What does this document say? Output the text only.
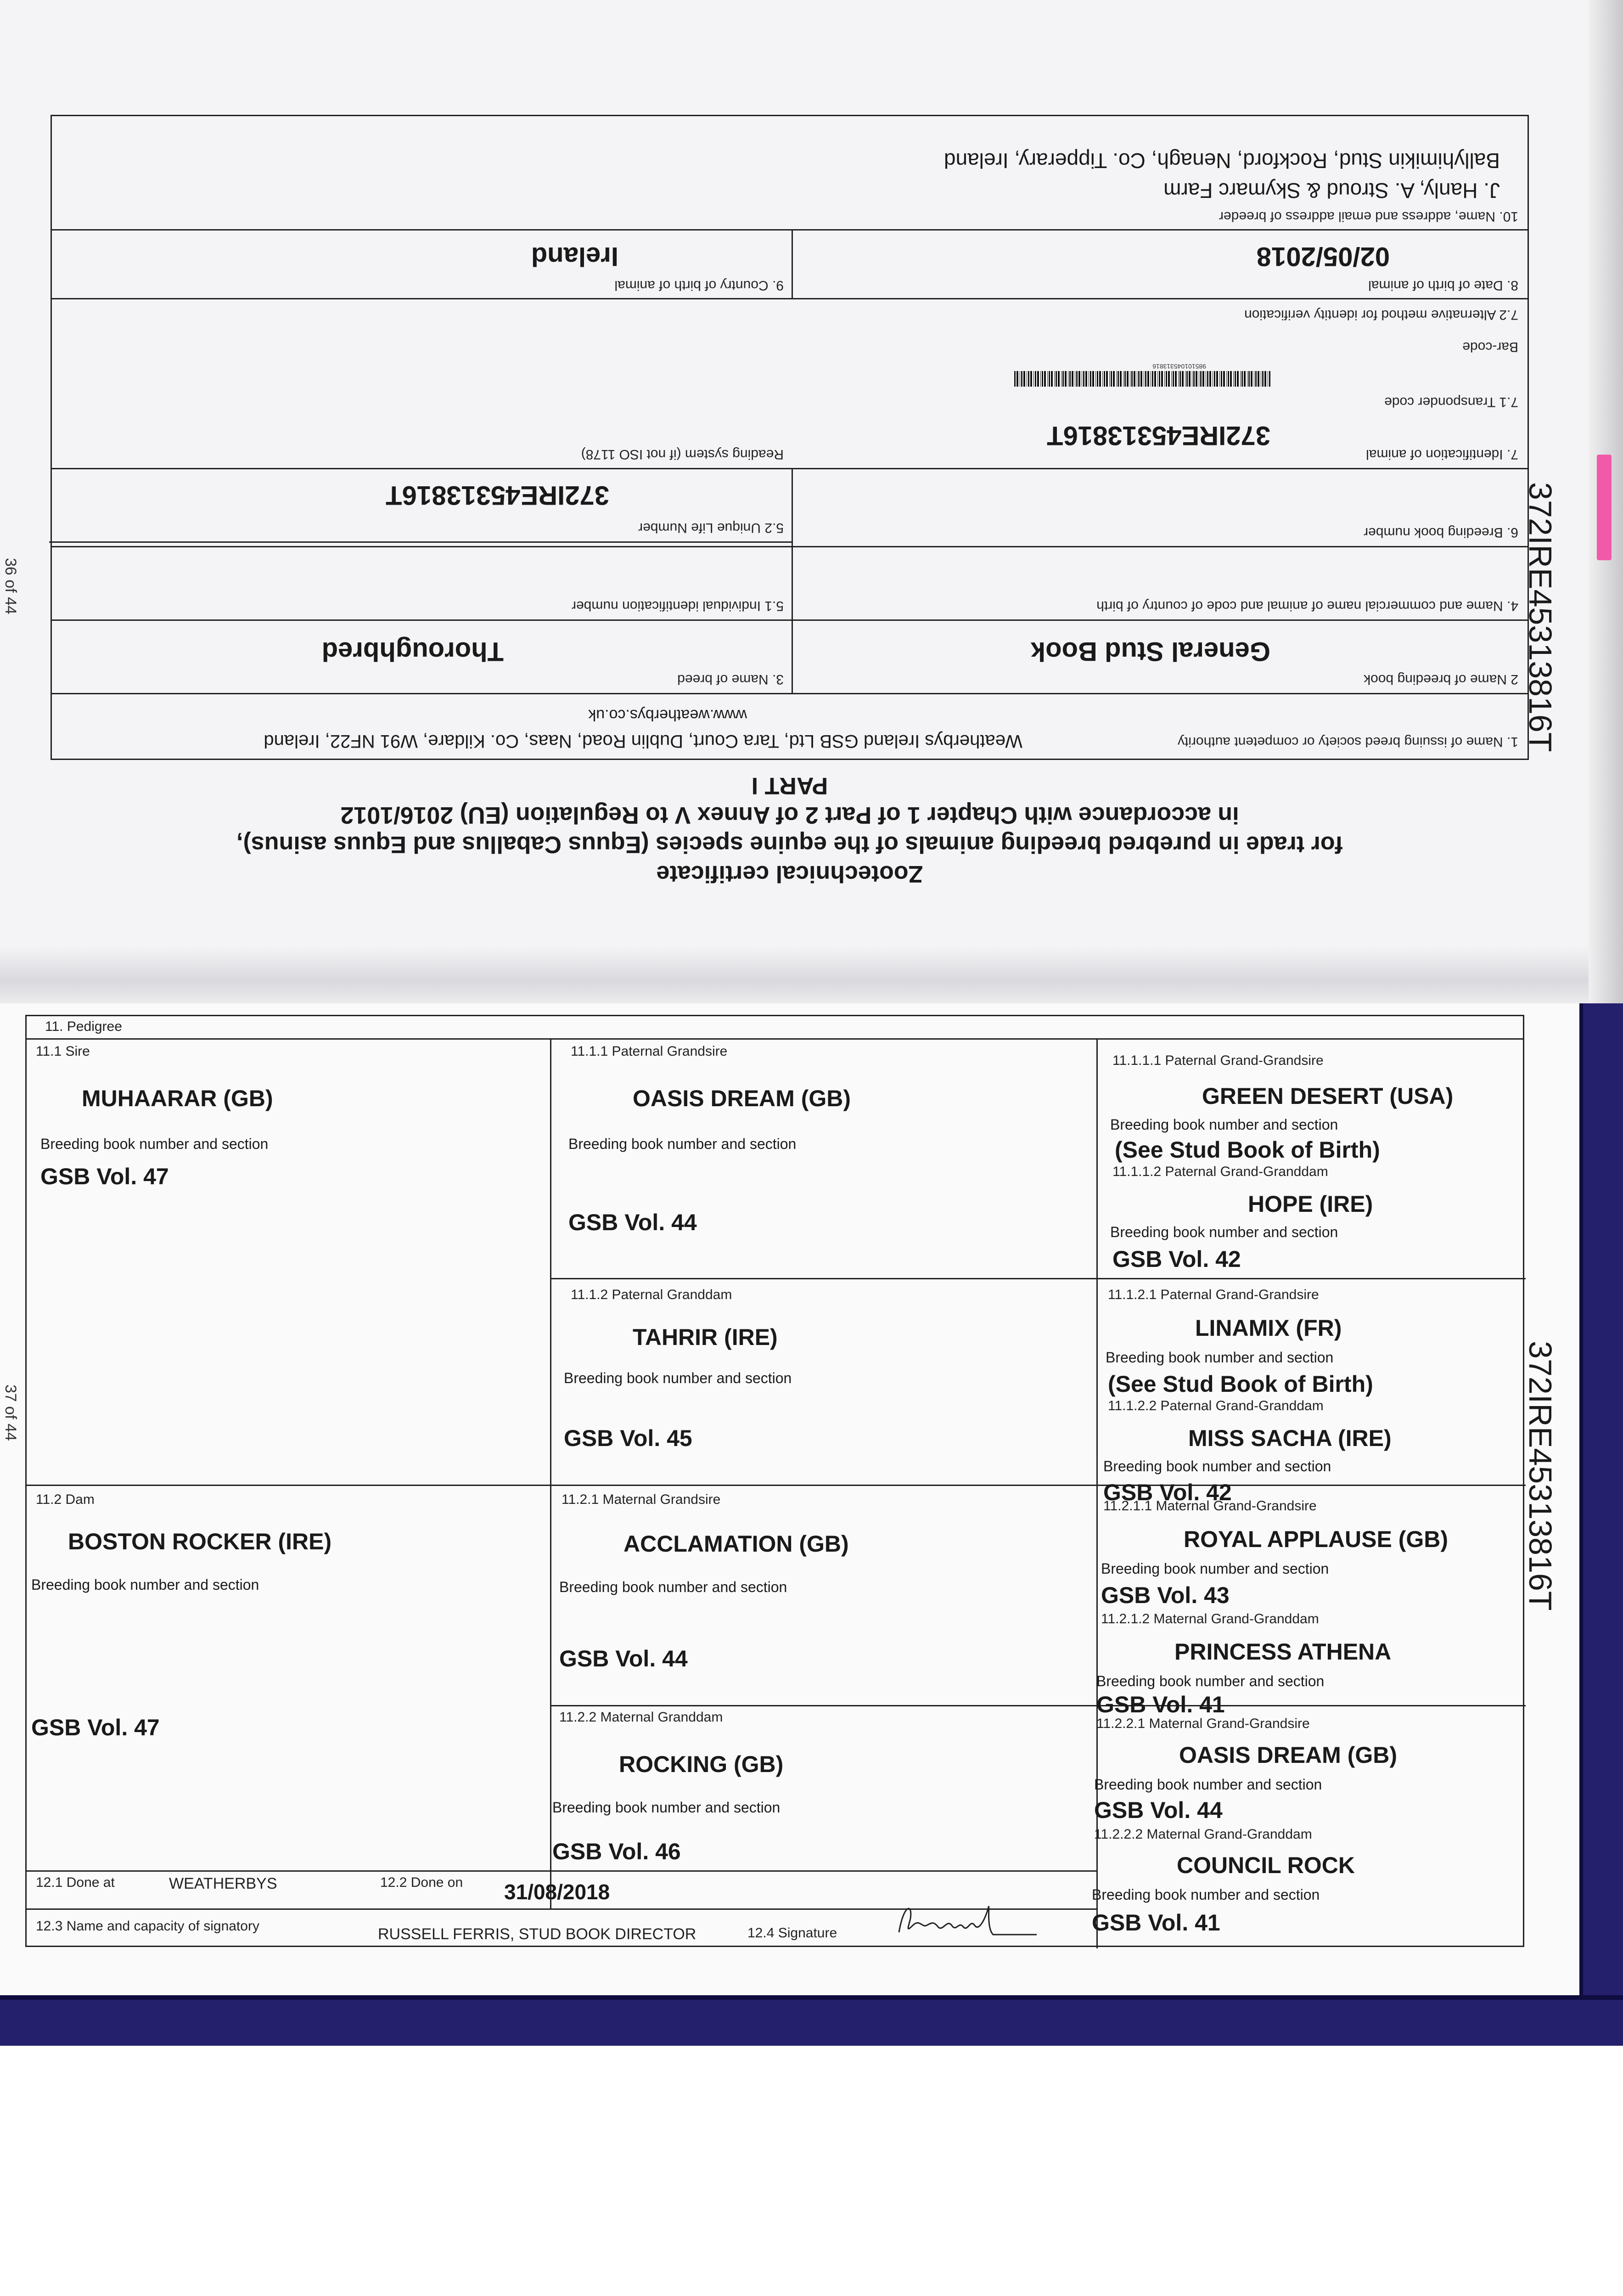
372IRE45313816T
372IRE45313816T
36 of 44
37 of 44

Zootechnical certificate

for trade in purebred breeding animals of the equine species (Equus Caballus and Equus asinus),

in accordance with Chapter 1 of Part 2 of Annex V to Regulation (EU) 2016/1012

PART I

1. Name of issuing breed society or competent authority
Weatherbys Ireland GSB Ltd, Tara Court, Dublin Road, Naas, Co. Kildare, W91 NF22, Ireland
www.weatherbys.co.uk
2 Name of breeding book
General Stud Book
3. Name of breed
Thoroughbred
4. Name and commercial name of animal and code of country of birth
5.1 Individual identification number
6. Breeding book number
5.2 Unique Life Number
372IRE45313816T
7. Identification of animal
372IRE45313816T
Reading system (if not ISO 1178)
7.1 Transponder code
985101045313816
Bar-code
7.2 Alternative method for identity verification
8. Date of birth of animal
02/05/2018
9. Country of birth of animal
Ireland
10. Name, address and email address of breeder
J. Hanly, A. Stroud & Skymarc Farm
Ballyhimikin Stud, Rockford, Nenagh, Co. Tipperary, Ireland
11. Pedigree
11.1 Sire
MUHAARAR (GB)
Breeding book number and section
GSB Vol. 47
11.2 Dam
BOSTON ROCKER (IRE)
Breeding book number and section
GSB Vol. 47
11.1.1 Paternal Grandsire
OASIS DREAM (GB)
Breeding book number and section
GSB Vol. 44
11.1.2 Paternal Granddam
TAHRIR (IRE)
Breeding book number and section
GSB Vol. 45
11.2.1 Maternal Grandsire
ACCLAMATION (GB)
Breeding book number and section
GSB Vol. 44
11.2.2 Maternal Granddam
ROCKING (GB)
Breeding book number and section
GSB Vol. 46
11.1.1.1 Paternal Grand-Grandsire
GREEN DESERT (USA)
Breeding book number and section
(See Stud Book of Birth)
11.1.1.2 Paternal Grand-Granddam
HOPE (IRE)
Breeding book number and section
GSB Vol. 42
11.1.2.1 Paternal Grand-Grandsire
LINAMIX (FR)
Breeding book number and section
(See Stud Book of Birth)
11.1.2.2 Paternal Grand-Granddam
MISS SACHA (IRE)
Breeding book number and section
GSB Vol. 42
11.2.1.1 Maternal Grand-Grandsire
ROYAL APPLAUSE (GB)
Breeding book number and section
GSB Vol. 43
11.2.1.2 Maternal Grand-Granddam
PRINCESS ATHENA
Breeding book number and section
GSB Vol. 41
11.2.2.1 Maternal Grand-Grandsire
OASIS DREAM (GB)
Breeding book number and section
GSB Vol. 44
11.2.2.2 Maternal Grand-Granddam
COUNCIL ROCK
Breeding book number and section
GSB Vol. 41
12.1 Done at	WEATHERBYS	12.2 Done on 31/08/2018
12.3 Name and capacity of signatory	RUSSELL FERRIS, STUD BOOK DIRECTOR	12.4 Signature
